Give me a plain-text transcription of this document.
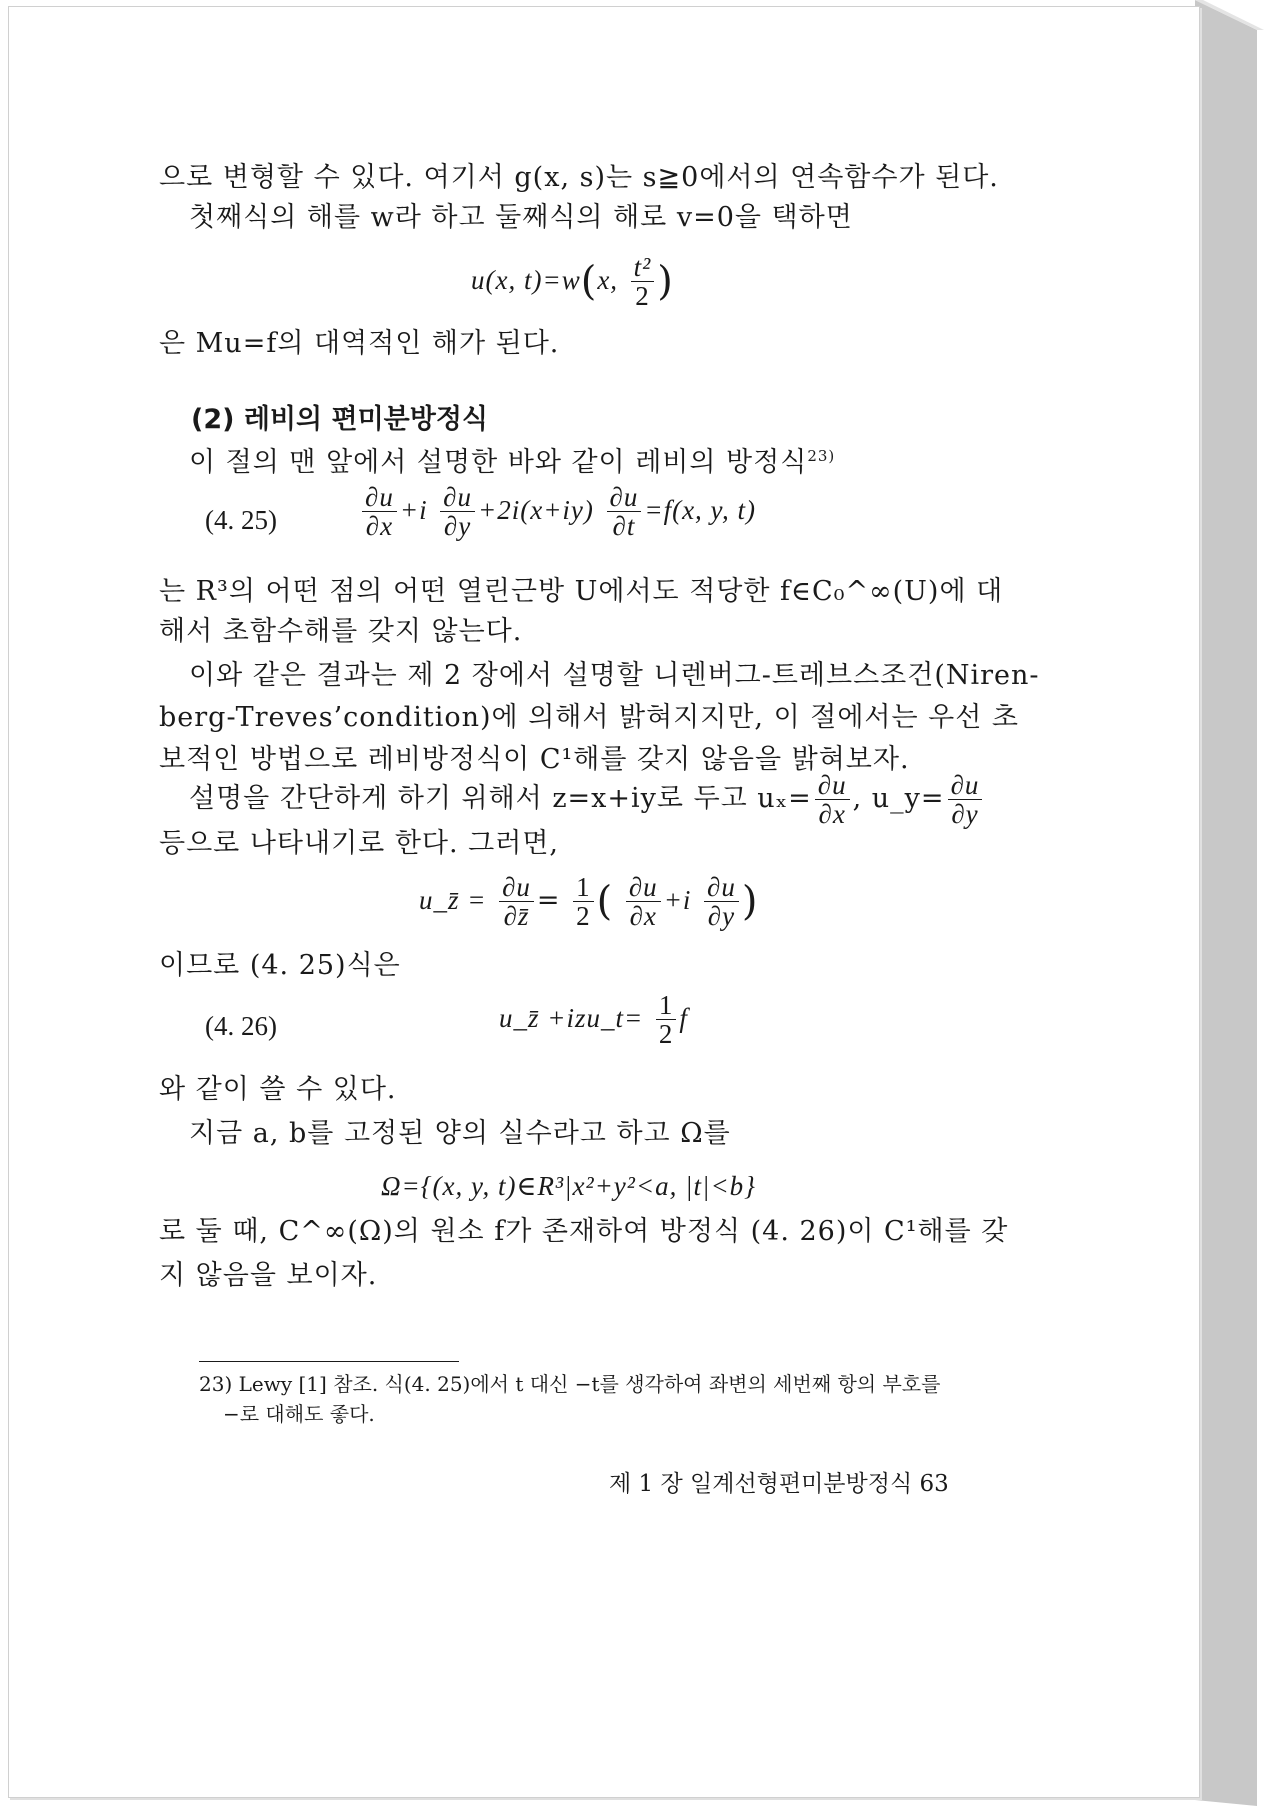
으로 변형할 수 있다. 여기서 g(x, s)는 s≧0에서의 연속함수가 된다.
첫째식의 해를 w라 하고 둘째식의 해로 v=0을 택하면
u(x, t)=w(x, $\frac{\text{t²}}{2}$ )
은 Mu=f의 대역적인 해가 된다.
(2) 레비의 편미분방정식
이 절의 맨 앞에서 설명한 바와 같이 레비의 방정식$^{23)}$
(4. 25)	$\frac{\partial u}{\partial x} +i \frac{\partial u}{\partial y} +2i(x+iy) \frac{\partial u}{\partial t} =f(x$, y, t)
는 R³의 어떤 점의 어떤 열린근방 U에서도 적당한 f∈C₀^∞(U)에 대
해서 초함수해를 갖지 않는다.
이와 같은 결과는 제 2 장에서 설명할 니렌버그-트레브스조건(Niren-
berg-Treves’condition)에 의해서 밝혀지지만, 이 절에서는 우선 초
보적인 방법으로 레비방정식이 C¹해를 갖지 않음을 밝혀보자.
설명을 간단하게 하기 위해서 z=x+iy로 두고 $u_x= \frac{\partial u}{\partial x}$ , u_y= $\frac{\partial u}{\partial y}$
등으로 나타내기로 한다. 그러면,
u_z̄ = $\frac{\partial u}{\partial z̄} = \frac{1}{2}$ ( $\frac{\partial u}{\partial x} +i \frac{\partial u}{\partial y}$ )
이므로 (4. 25)식은
(4. 26)	u_z̄ +izu_t= $\frac{1}{2}$ f
와 같이 쓸 수 있다.
지금 a, b를 고정된 양의 실수라고 하고 Ω를
Ω={(x, y, t)∈R³|x²+y²<a, |t|<b}
로 둘 때, C^∞(Ω)의 원소 f가 존재하여 방정식 (4. 26)이 C¹해를 갖
지 않음을 보이자.
23) Lewy [1] 참조. 식(4. 25)에서 t 대신 −t를 생각하여 좌변의 세번째 항의 부호를
−로 대해도 좋다.
제 1 장 일계선형편미분방정식 63
